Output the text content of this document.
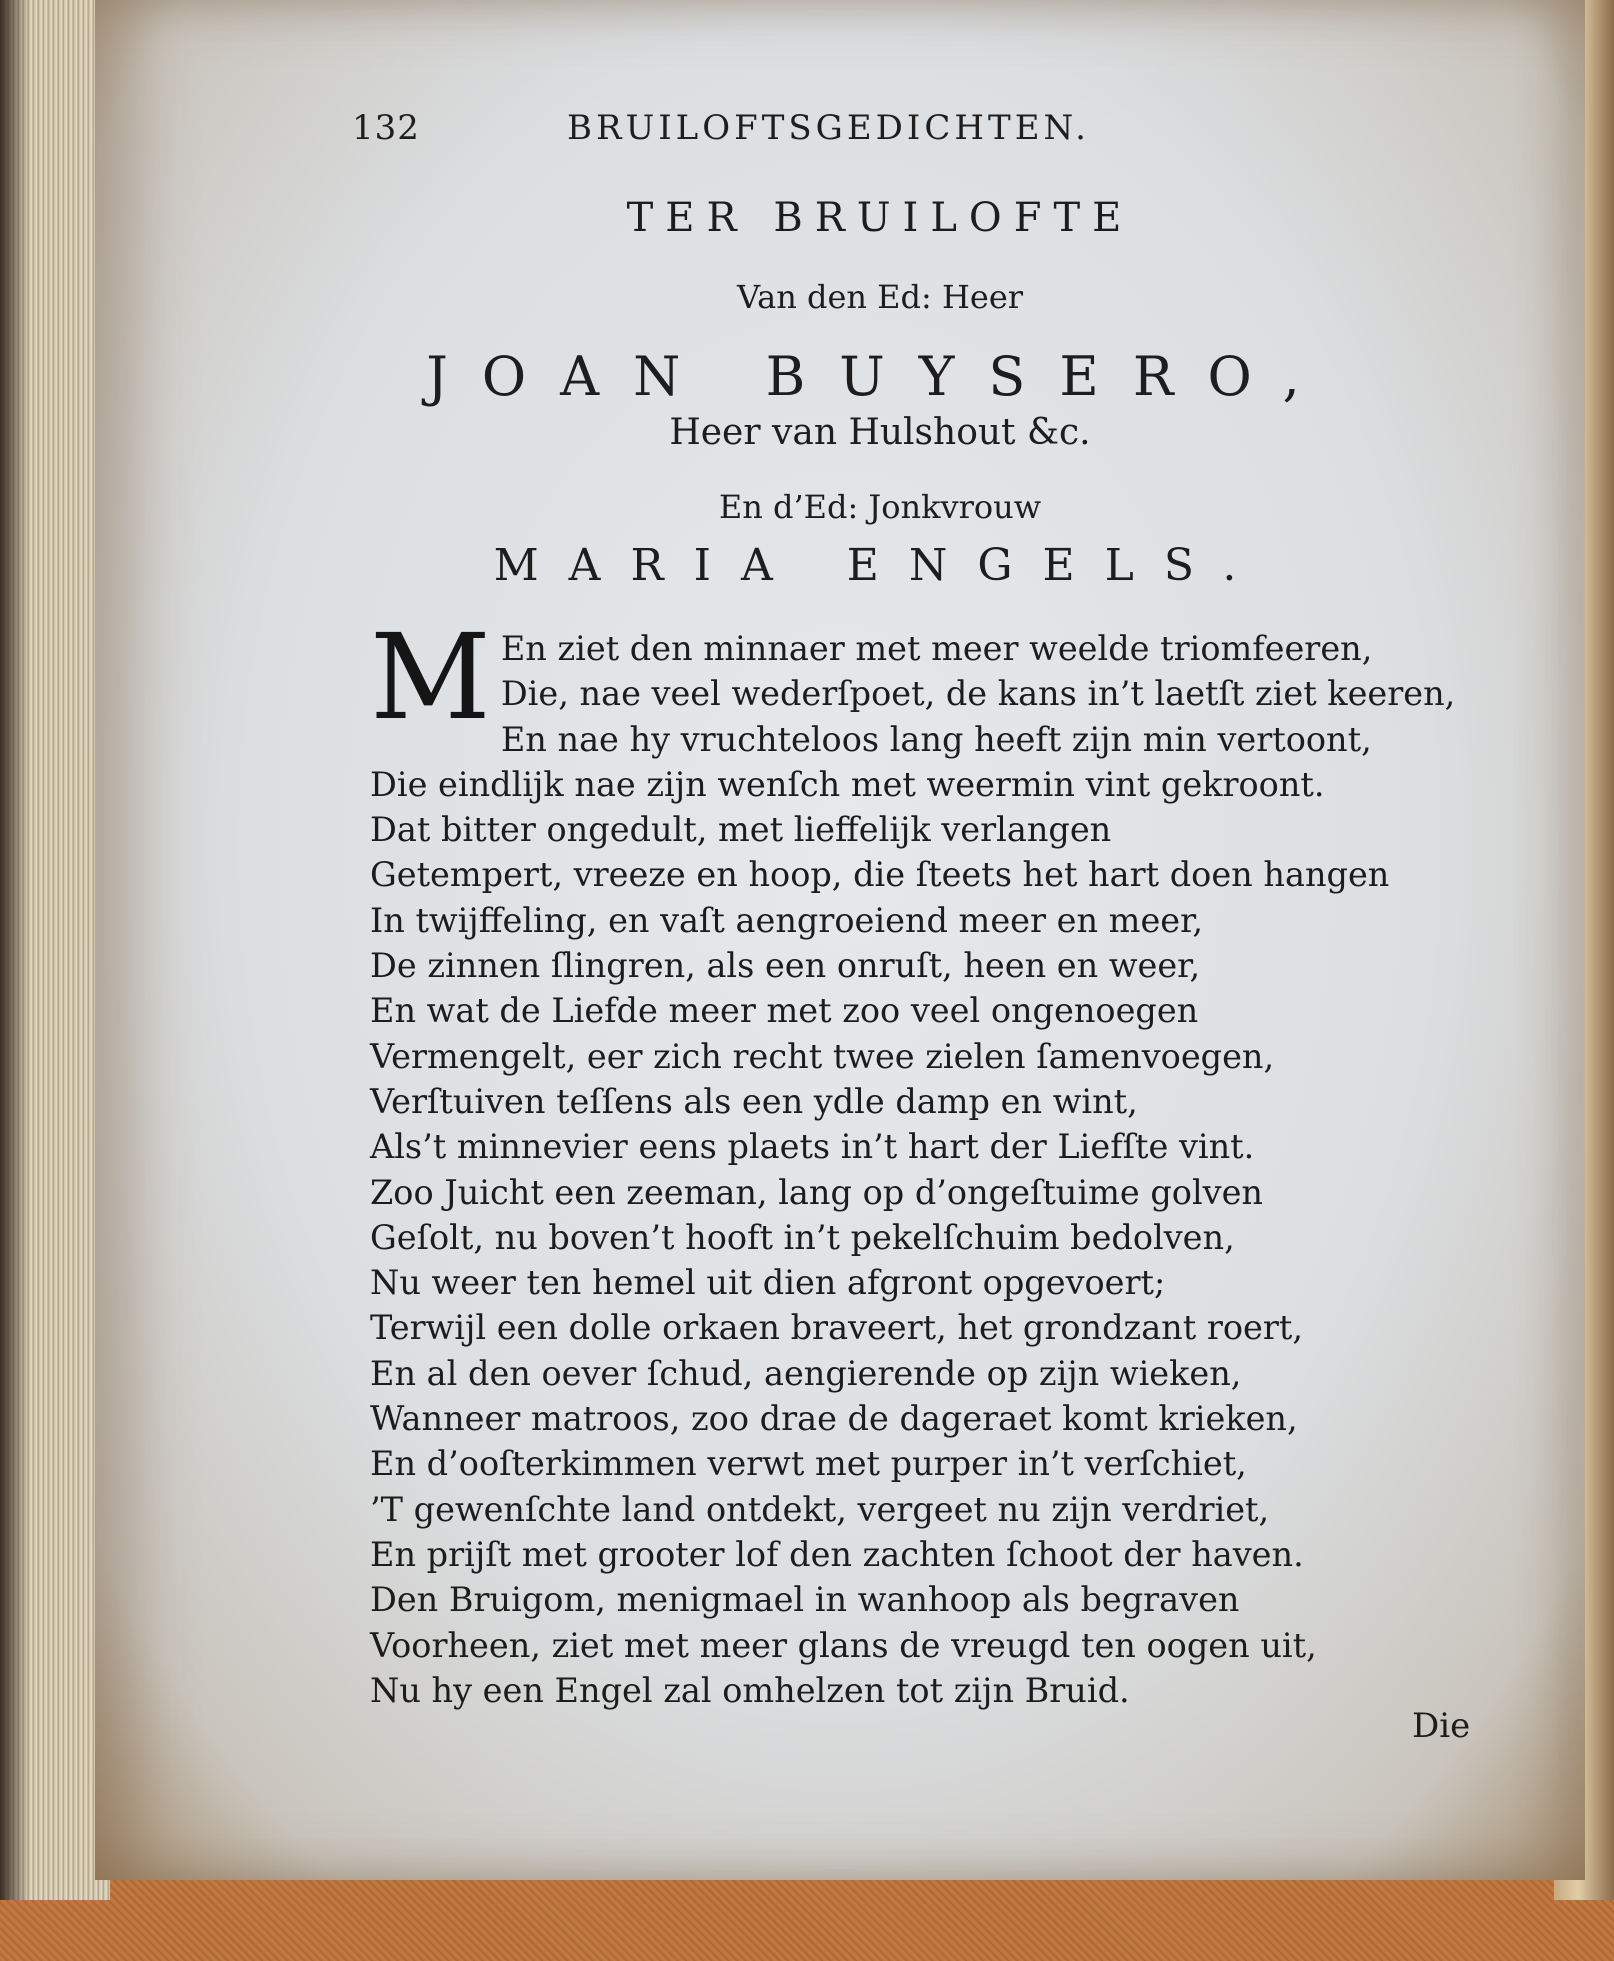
132	BRUILOFTSGEDICHTEN.
TER BRUILOFTE
Van den Ed: Heer
JOAN BUYSERO,
Heer van Hulshout &c.
En d’Ed: Jonkvrouw
MARIA ENGELS.
M En ziet den minnaer met meer weelde triomfeeren,
Die, nae veel wederſpoet, de kans in’t laetſt ziet keeren,
En nae hy vruchteloos lang heeft zijn min vertoont,
Die eindlijk nae zijn wenſch met weermin vint gekroont.
Dat bitter ongedult, met lieffelijk verlangen
Getempert, vreeze en hoop, die ſteets het hart doen hangen
In twijffeling, en vaſt aengroeiend meer en meer,
De zinnen ſlingren, als een onruſt, heen en weer,
En wat de Liefde meer met zoo veel ongenoegen
Vermengelt, eer zich recht twee zielen ſamenvoegen,
Verſtuiven teſſens als een ydle damp en wint,
Als’t minnevier eens plaets in’t hart der Liefſte vint.
Zoo Juicht een zeeman, lang op d’ongeſtuime golven
Geſolt, nu boven’t hooft in’t pekelſchuim bedolven,
Nu weer ten hemel uit dien afgront opgevoert;
Terwijl een dolle orkaen braveert, het grondzant roert,
En al den oever ſchud, aengierende op zijn wieken,
Wanneer matroos, zoo drae de dageraet komt krieken,
En d’ooſterkimmen verwt met purper in’t verſchiet,
’T gewenſchte land ontdekt, vergeet nu zijn verdriet,
En prijſt met grooter lof den zachten ſchoot der haven.
Den Bruigom, menigmael in wanhoop als begraven
Voorheen, ziet met meer glans de vreugd ten oogen uit,
Nu hy een Engel zal omhelzen tot zijn Bruid.
Die
